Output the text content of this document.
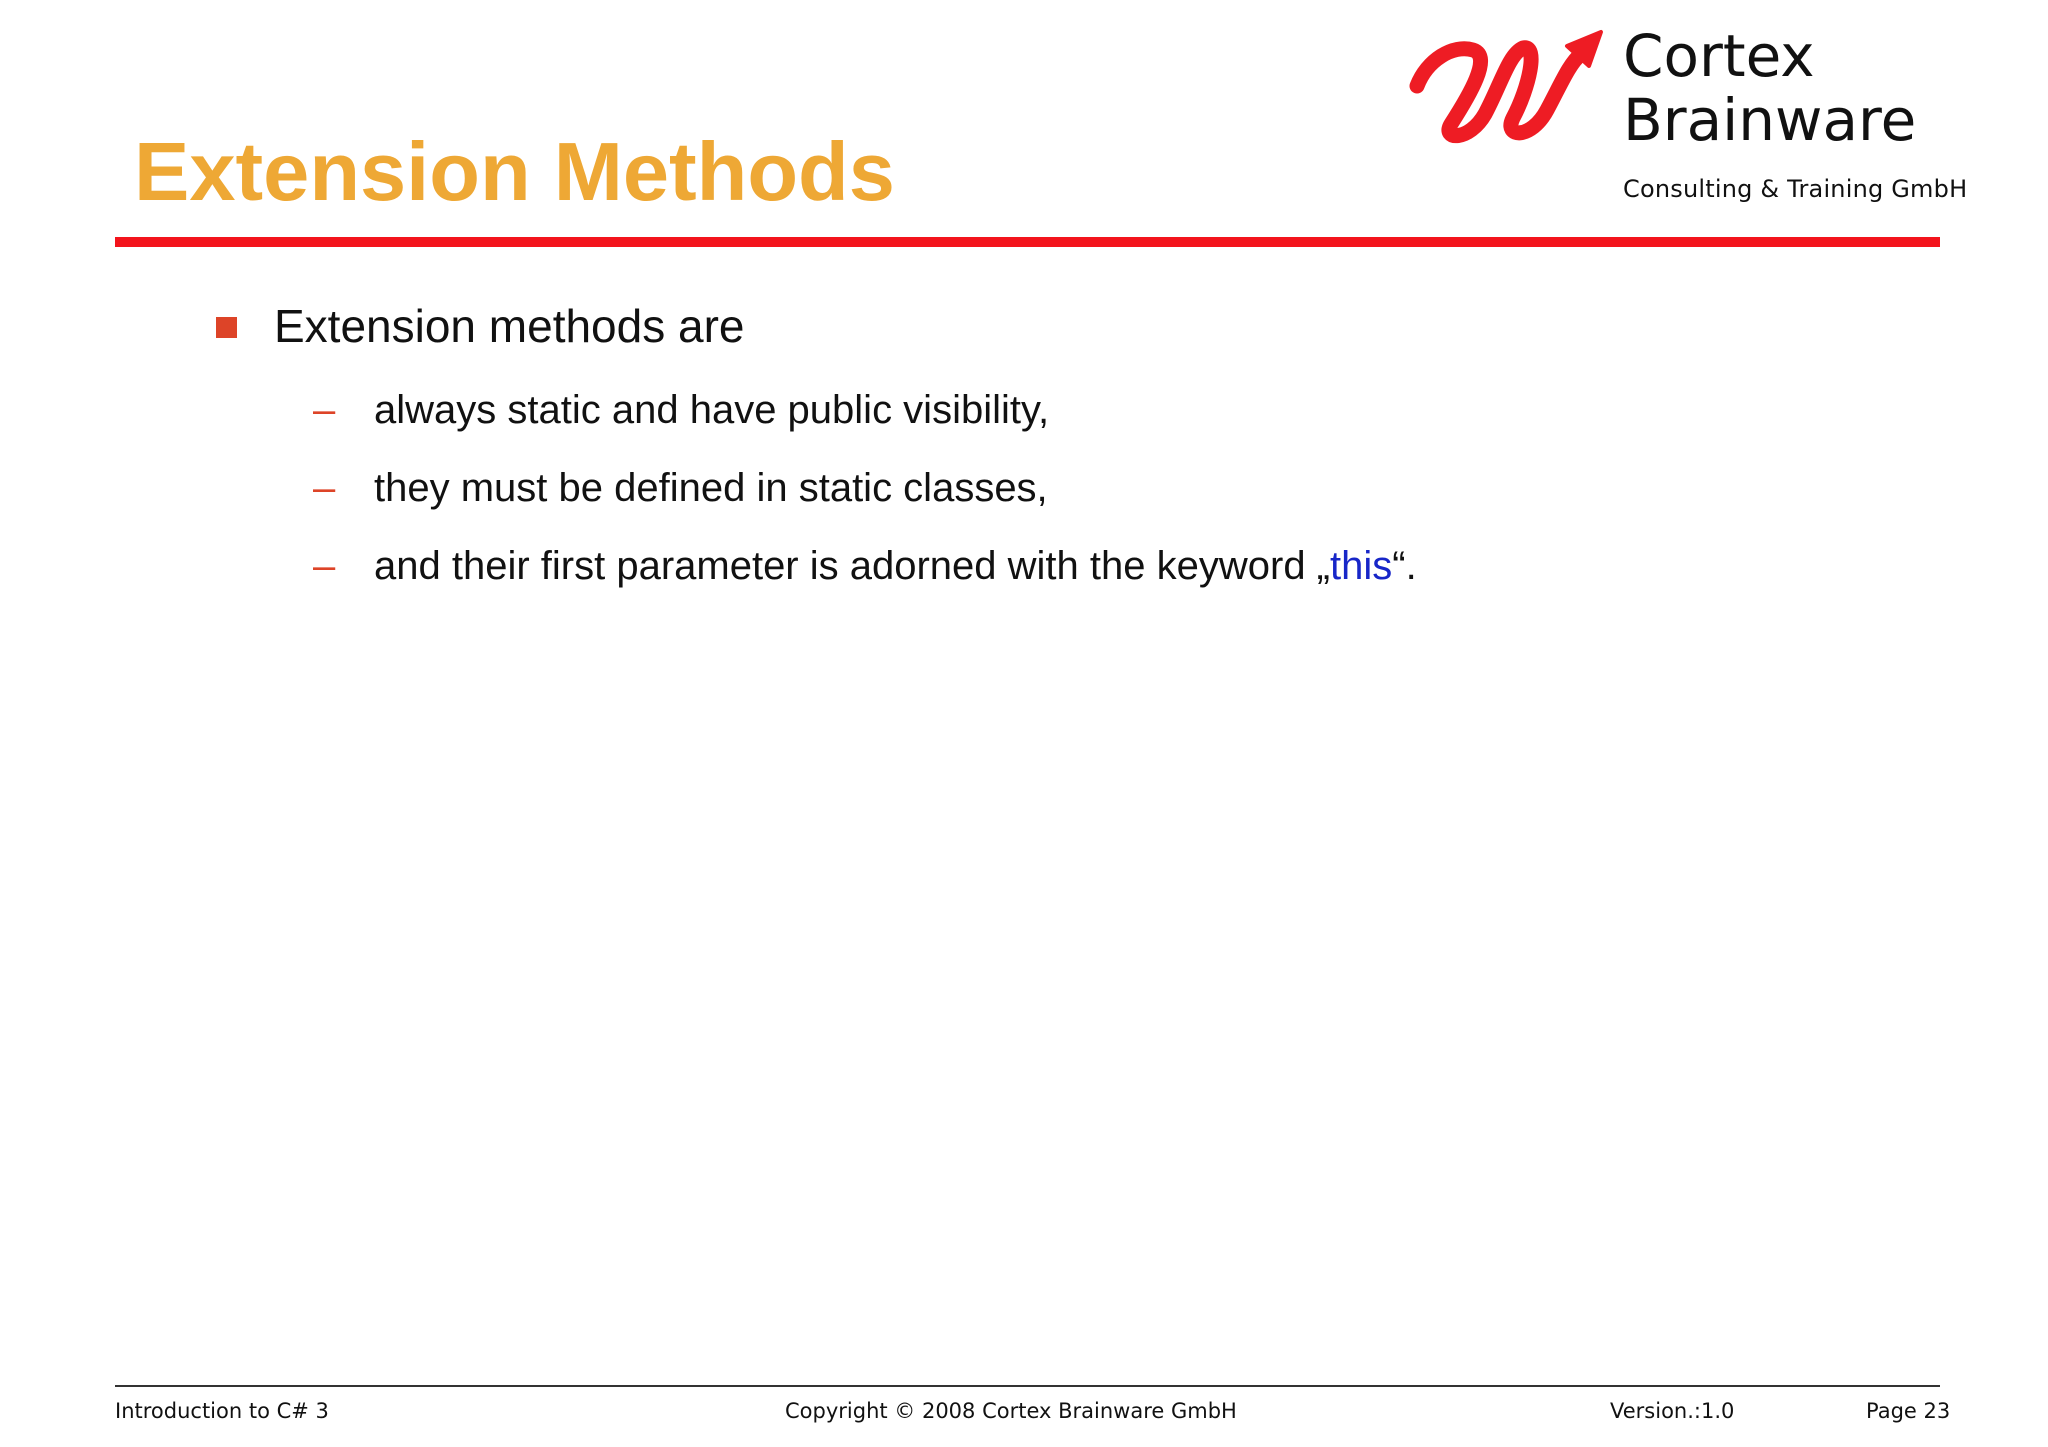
Extension Methods
Cortex
Brainware
Consulting & Training GmbH
Extension methods are
– always static and have public visibility,
– they must be defined in static classes,
– and their first parameter is adorned with the keyword „this“.
Introduction to C# 3	Copyright © 2008 Cortex Brainware GmbH	Version.:1.0	Page 23
